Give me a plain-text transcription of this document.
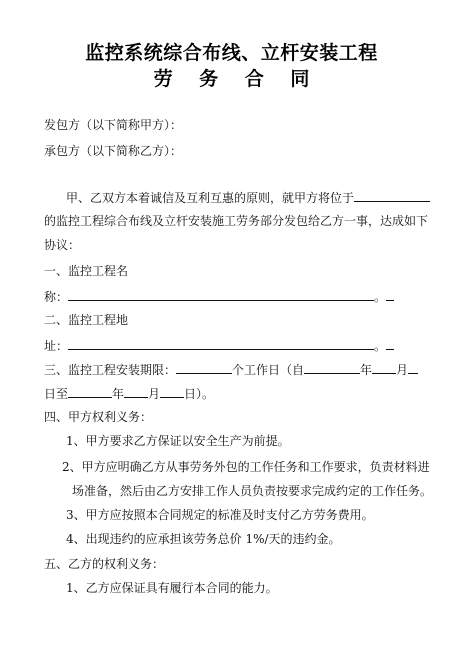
监控系统综合布线、立杆安装工程
劳 务 合 同
发包方（以下简称甲方）：
承包方（以下简称乙方）：
甲、乙双方本着诚信及互利互惠的原则，就甲方将位于
的监控工程综合布线及立杆安装施工劳务部分发包给乙方一事，达成如下
协议：
一、监控工程名
称：	。
二、监控工程地
址：	。
三、监控工程安装期限：	个工作日（自	年 月
日至	年 月 日）。
四、甲方权利义务：
1、甲方要求乙方保证以安全生产为前提。
2、甲方应明确乙方从事劳务外包的工作任务和工作要求，负责材料进
场准备，然后由乙方安排工作人员负责按要求完成约定的工作任务。
3、甲方应按照本合同规定的标准及时支付乙方劳务费用。
4、出现违约的应承担该劳务总价 1%/天的违约金。
五、乙方的权利义务：
1、乙方应保证具有履行本合同的能力。
